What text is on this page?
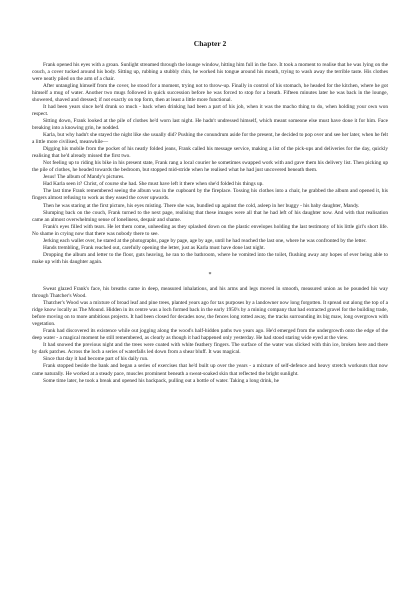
Chapter 2

Frank opened his eyes with a groan. Sunlight streamed through the lounge window, hitting him full in the face. It took a moment to realise that he was lying on the couch, a cover tucked around his body. Sitting up, rubbing a stubbly chin, he worked his tongue around his mouth, trying to wash away the terrible taste. His clothes were neatly piled on the arm of a chair.

After untangling himself from the cover, he stood for a moment, trying not to throw-up. Finally in control of his stomach, he headed for the kitchen, where he got himself a mug of water. Another two mugs followed in quick succession before he was forced to stop for a breath. Fifteen minutes later he was back in the lounge, showered, shaved and dressed; if not exactly on top form, then at least a little more functional.

It had been years since he'd drunk so much - back when drinking had been a part of his job, when it was the macho thing to do, when holding your own won respect.

Sitting down, Frank looked at the pile of clothes he'd worn last night. He hadn't undressed himself, which meant someone else must have done it for him. Face breaking into a knowing grin, he nodded.

Karla, but why hadn't she stayed the night like she usually did? Pushing the conundrum aside for the present, he decided to pop over and see her later, when he felt a little more civilised, meanwhile—

Digging his mobile from the pocket of his neatly folded jeans, Frank called his message service, making a list of the pick-ups and deliveries for the day, quickly realising that he'd already missed the first two.

Not feeling up to riding his bike in his present state, Frank rang a local courier he sometimes swapped work with and gave them his delivery list. Then picking up the pile of clothes, he headed towards the bedroom, but stopped mid-stride when he realised what he had just uncovered beneath them.

Jesus! The album of Mandy's pictures.

Had Karla seen it? Christ, of course she had. She must have left it there when she'd folded his things up.

The last time Frank remembered seeing the album was in the cupboard by the fireplace. Tossing his clothes into a chair, he grabbed the album and opened it, his fingers almost refusing to work as they eased the cover upwards.

Then he was staring at the first picture, his eyes misting. There she was, bundled up against the cold, asleep in her buggy - his baby daughter, Mandy.

Slumping back on the couch, Frank turned to the next page, realising that these images were all that he had left of his daughter now. And with that realisation came an almost overwhelming sense of loneliness, despair and shame.

Frank's eyes filled with tears. He let them come, unheeding as they splashed down on the plastic envelopes holding the last testimony of his little girl's short life. No shame in crying now that there was nobody there to see.

Jerking each wallet over, he stared at the photographs, page by page, age by age, until he had reached the last one, where he was confronted by the letter.

Hands trembling, Frank reached out, carefully opening the letter, just as Karla must have done last night.

Dropping the album and letter to the floor, guts heaving, he ran to the bathroom, where he vomited into the toilet, flushing away any hopes of ever being able to make up with his daughter again.

*

Sweat glazed Frank's face, his breaths came in deep, measured inhalations, and his arms and legs moved in smooth, measured union as he pounded his way through Thatcher's Wood.

Thatcher's Wood was a mixture of broad leaf and pine trees, planted years ago for tax purposes by a landowner now long forgotten. It spread out along the top of a ridge know locally as The Mound. Hidden in its centre was a loch formed back in the early 1950's by a mining company that had extracted gravel for the building trade, before moving on to more ambitious projects. It had been closed for decades now, the fences long rotted away, the tracks surrounding its big maw, long overgrown with vegetation.

Frank had discovered its existence while out jogging along the wood's half-hidden paths two years ago. He'd emerged from the undergrowth onto the edge of the deep water - a magical moment he still remembered, as clearly as though it had happened only yesterday. He had stood staring wide eyed at the view.

It had snowed the previous night and the trees were coated with white feathery fingers. The surface of the water was slicked with thin ice, broken here and there by dark patches. Across the loch a series of waterfalls led down from a shear bluff. It was magical.

Since that day it had become part of his daily run.

Frank stopped beside the bank and began a series of exercises that he'd built up over the years - a mixture of self-defence and heavy stretch workouts that now came naturally. He worked at a steady pace, muscles prominent beneath a sweat-soaked skin that reflected the bright sunlight.

Some time later, he took a break and opened his backpack, pulling out a bottle of water. Taking a long drink, he
